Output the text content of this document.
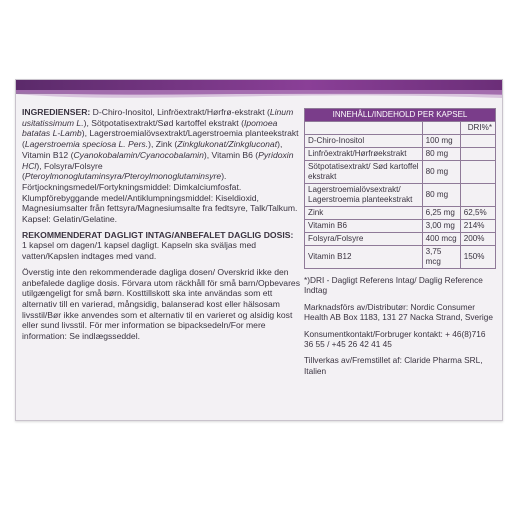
INGREDIENSER: D-Chiro-Inositol, Linfröextrakt/Hørfrø-ekstrakt (Linum usitatissimum L.), Sötpotatisextrakt/Sød kartoffel ekstrakt (Ipomoea batatas L-Lamb), Lagerstroemialövsextrakt/Lagerstroemia planteekstrakt (Lagerstroemia speciosa L. Pers.), Zink (Zinkglukonat/Zinkgluconat), Vitamin B12 (Cyanokobalamin/Cyanocobalamin), Vitamin B6 (Pyridoxin HCl), Folsyra/Folsyre (Pteroylmonoglutaminsyra/Pteroylmonoglutaminsyre). Förtjockningsmedel/Fortykningsmiddel: Dimkalciumfosfat. Klumpförebyggande medel/Antiklumpningsmiddel: Kiseldioxid, Magnesiumsalter från fettsyra/Magnesiumsalte fra fedtsyre, Talk/Talkum. Kapsel: Gelatin/Gelatine.

REKOMMENDERAT DAGLIGT INTAG/ANBEFALET DAGLIG DOSIS: 1 kapsel om dagen/1 kapsel dagligt. Kapseln ska sväljas med vatten/Kapslen indtages med vand.

Överstig inte den rekommenderade dagliga dosen/ Overskrid ikke den anbefalede daglige dosis. Förvara utom räckhåll för små barn/Opbevares utilgængeligt for små børn. Kosttillskott ska inte användas som ett alternativ till en varierad, mångsidig, balanserad kost eller hälsosam livsstil/Bør ikke anvendes som et alternativ til en varieret og alsidig kost eller sund livsstil. För mer information se bipacksedeln/For mere information: Se indlægsseddel.

INNEHÅLL/INDEHOLD PER KAPSEL		
		DRI%*
D-Chiro-Inositol	100 mg	
Linfröextrakt/Hørfrøekstrakt	80 mg	
Sötpotatisextrakt/ Sød kartoffel ekstrakt	80 mg	
Lagerstroemialövsextrakt/ Lagerstroemia planteekstrakt	80 mg	
Zink	6,25 mg	62,5%
Vitamin B6	3,00 mg	214%
Folsyra/Folsyre	400 mcg	200%
Vitamin B12	3,75 mcg	150%

*)DRI - Dagligt Referens Intag/ Daglig Reference Indtag

Marknadsförs av/Distributør: Nordic Consumer Health AB Box 1183, 131 27 Nacka Strand, Sverige

Konsumentkontakt/Forbruger kontakt: + 46(8)716 36 55 / +45 26 42 41 45

Tillverkas av/Fremstillet af: Claride Pharma SRL, Italien
